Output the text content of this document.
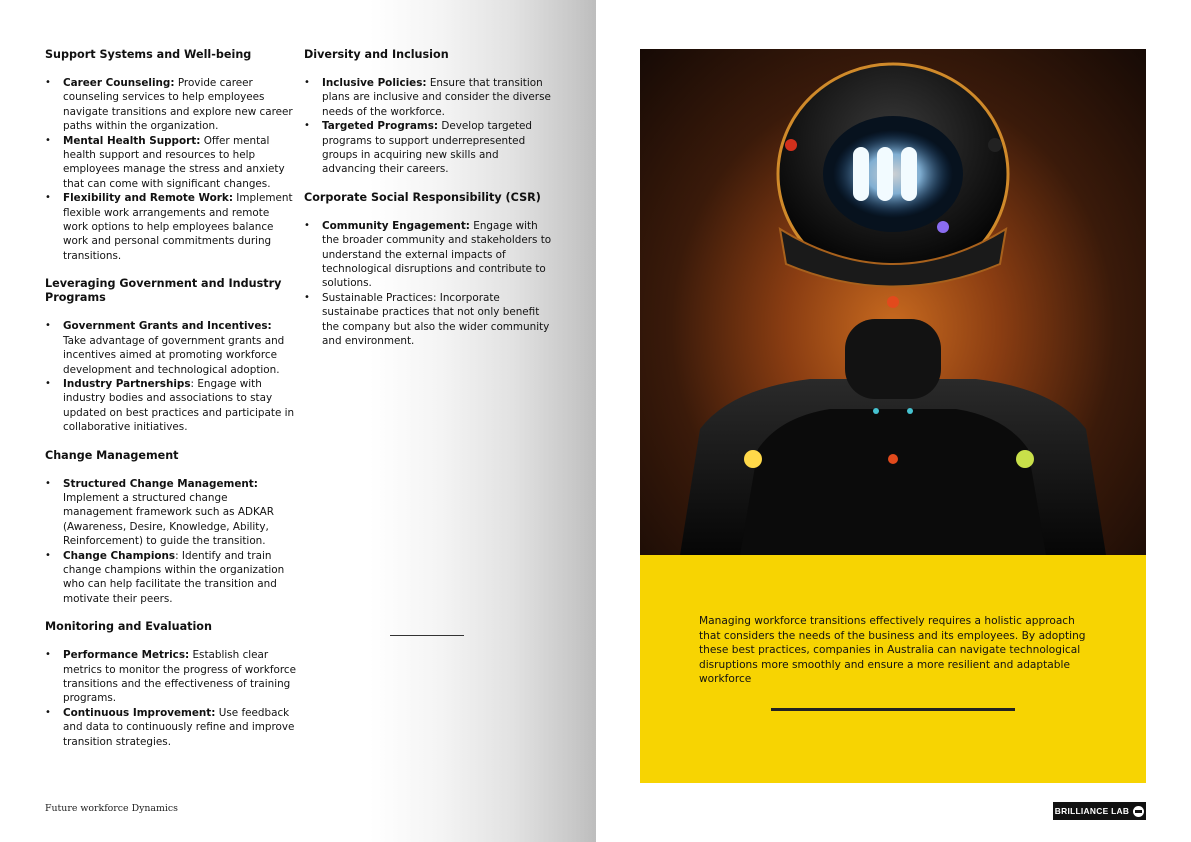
Support Systems and Well-being
• Career Counseling: Provide career counseling services to help employees navigate transitions and explore new career paths within the organization.
• Mental Health Support: Offer mental health support and resources to help employees manage the stress and anxiety that can come with significant changes.
• Flexibility and Remote Work: Implement flexible work arrangements and remote work options to help employees balance work and personal commitments during transitions.
Leveraging Government and Industry Programs
• Government Grants and Incentives: Take advantage of government grants and incentives aimed at promoting workforce development and technological adoption.
• Industry Partnerships: Engage with industry bodies and associations to stay updated on best practices and participate in collaborative initiatives.
Change Management
• Structured Change Management: Implement a structured change management framework such as ADKAR (Awareness, Desire, Knowledge, Ability, Reinforcement) to guide the transition.
• Change Champions: Identify and train change champions within the organization who can help facilitate the transition and motivate their peers.
Monitoring and Evaluation
• Performance Metrics: Establish clear metrics to monitor the progress of workforce transitions and the effectiveness of training programs.
• Continuous Improvement: Use feedback and data to continuously refine and improve transition strategies.
Diversity and Inclusion
• Inclusive Policies: Ensure that transition plans are inclusive and consider the diverse needs of the workforce.
• Targeted Programs: Develop targeted programs to support underrepresented groups in acquiring new skills and advancing their careers.
Corporate Social Responsibility (CSR)
• Community Engagement: Engage with the broader community and stakeholders to understand the external impacts of technological disruptions and contribute to solutions.
• Sustainable Practices: Incorporate sustainabe practices that not only benefit the company but also the wider community and environment.
Future workforce Dynamics

Managing workforce transitions effectively requires a holistic approach that considers the needs of the business and its employees. By adopting these best practices, companies in Australia can navigate technological disruptions more smoothly and ensure a more resilient and adaptable workforce

BRILLIANCE LAB
